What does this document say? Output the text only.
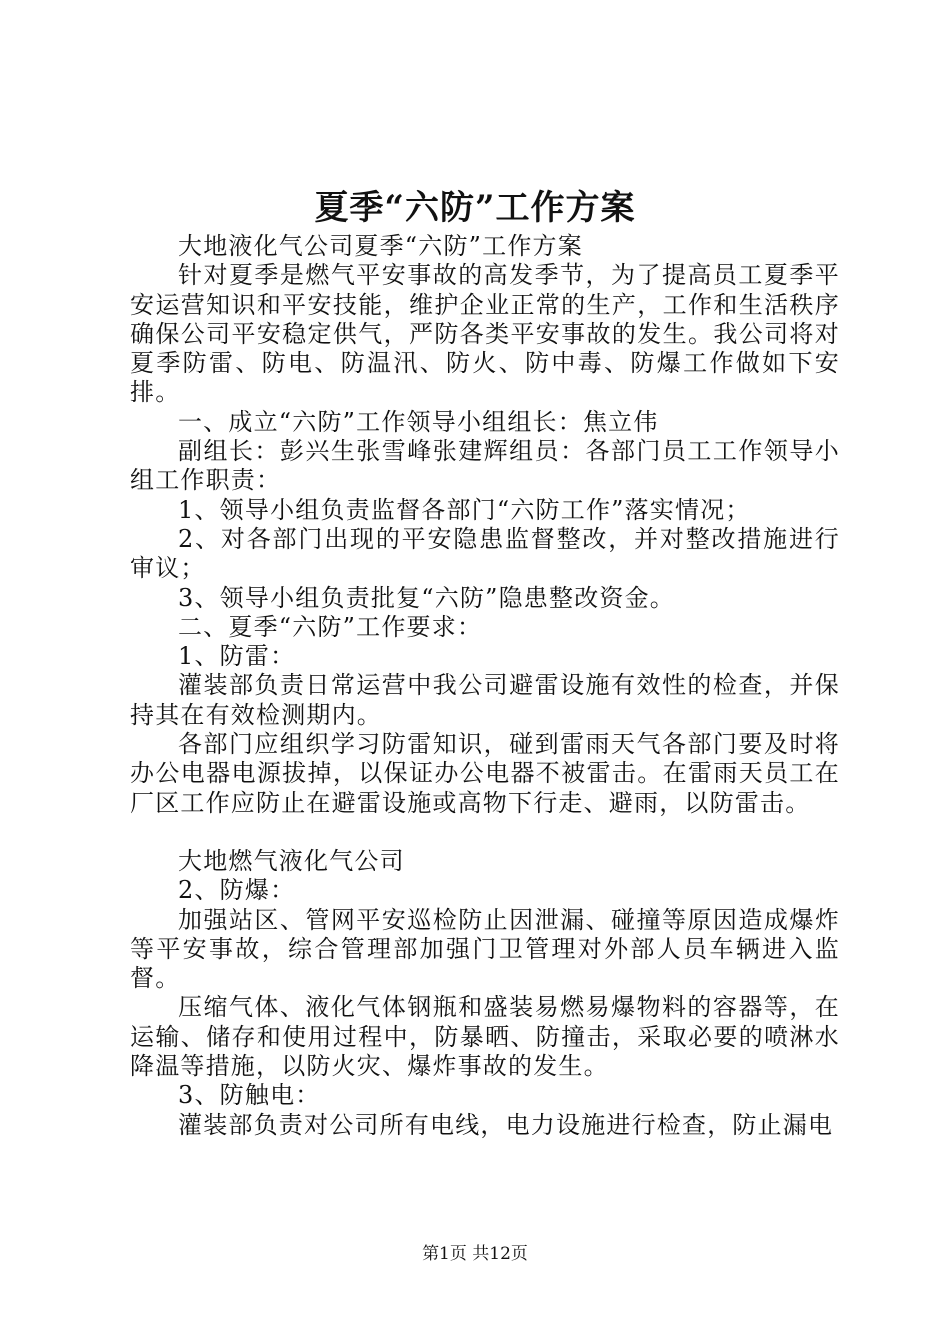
夏季“六防”工作方案

大地液化气公司夏季“六防”工作方案

针对夏季是燃气平安事故的高发季节，为了提高员工夏季平安运营知识和平安技能，维护企业正常的生产，工作和生活秩序确保公司平安稳定供气，严防各类平安事故的发生。我公司将对夏季防雷、防电、防温汛、防火、防中毒、防爆工作做如下安排。

一、成立“六防”工作领导小组组长：焦立伟

副组长：彭兴生张雪峰张建辉组员：各部门员工工作领导小组工作职责：

1、领导小组负责监督各部门“六防工作”落实情况；

2、对各部门出现的平安隐患监督整改，并对整改措施进行审议；

3、领导小组负责批复“六防”隐患整改资金。

二、夏季“六防”工作要求：

1、防雷：

灌装部负责日常运营中我公司避雷设施有效性的检查，并保持其在有效检测期内。

各部门应组织学习防雷知识，碰到雷雨天气各部门要及时将办公电器电源拔掉，以保证办公电器不被雷击。在雷雨天员工在厂区工作应防止在避雷设施或高物下行走、避雨，以防雷击。

大地燃气液化气公司

2、防爆：

加强站区、管网平安巡检防止因泄漏、碰撞等原因造成爆炸等平安事故，综合管理部加强门卫管理对外部人员车辆进入监督。

压缩气体、液化气体钢瓶和盛装易燃易爆物料的容器等，在运输、储存和使用过程中，防暴晒、防撞击，采取必要的喷淋水降温等措施，以防火灾、爆炸事故的发生。

3、防触电：

灌装部负责对公司所有电线，电力设施进行检查，防止漏电

第1页 共12页
